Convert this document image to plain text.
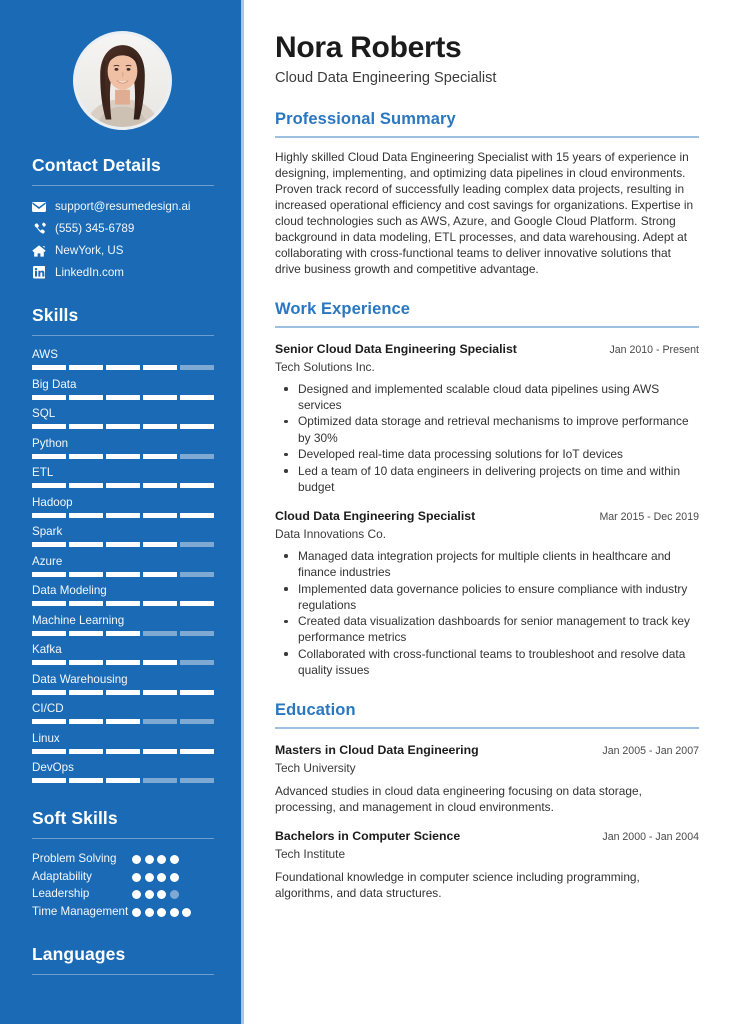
Contact Details
support@resumedesign.ai
(555) 345-6789
NewYork, US
LinkedIn.com
Skills
AWS
Big Data
SQL
Python
ETL
Hadoop
Spark
Azure
Data Modeling
Machine Learning
Kafka
Data Warehousing
CI/CD
Linux
DevOps
Soft Skills
Problem Solving
Adaptability
Leadership
Time Management
Languages
Nora Roberts
Cloud Data Engineering Specialist
Professional Summary

Highly skilled Cloud Data Engineering Specialist with 15 years of experience in designing, implementing, and optimizing data pipelines in cloud environments. Proven track record of successfully leading complex data projects, resulting in increased operational efficiency and cost savings for organizations. Expertise in cloud technologies such as AWS, Azure, and Google Cloud Platform. Strong background in data modeling, ETL processes, and data warehousing. Adept at collaborating with cross-functional teams to deliver innovative solutions that drive business growth and competitive advantage.

Work Experience
Senior Cloud Data Engineering Specialist	Jan 2010 - Present
Tech Solutions Inc.
Designed and implemented scalable cloud data pipelines using AWS services
Optimized data storage and retrieval mechanisms to improve performance by 30%
Developed real-time data processing solutions for IoT devices
Led a team of 10 data engineers in delivering projects on time and within budget
Cloud Data Engineering Specialist	Mar 2015 - Dec 2019
Data Innovations Co.
Managed data integration projects for multiple clients in healthcare and finance industries
Implemented data governance policies to ensure compliance with industry regulations
Created data visualization dashboards for senior management to track key performance metrics
Collaborated with cross-functional teams to troubleshoot and resolve data quality issues
Education
Masters in Cloud Data Engineering	Jan 2005 - Jan 2007
Tech University
Advanced studies in cloud data engineering focusing on data storage, processing, and management in cloud environments.
Bachelors in Computer Science	Jan 2000 - Jan 2004
Tech Institute
Foundational knowledge in computer science including programming, algorithms, and data structures.
